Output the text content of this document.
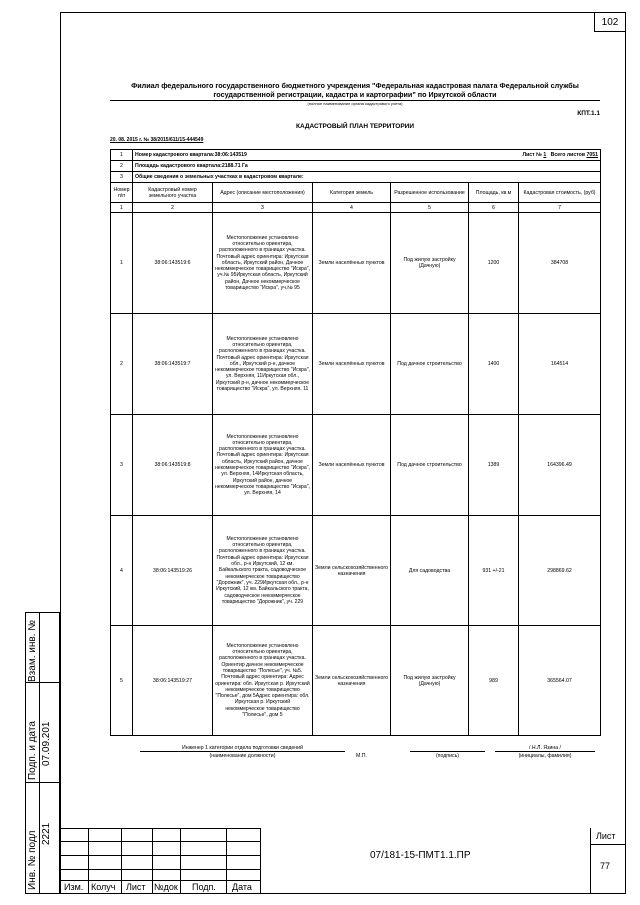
102
Взам. инв. №
Подп. и дата 07.09.201
Инв. № подл 2221
Филиал федерального государственного бюджетного учреждения "Федеральная кадастровая палата Федеральной службы
государственной регистрации, кадастра и картографии" по Иркутской области
(полное наименование органа кадастрового учета)
КПТ.1.1
КАДАСТРОВЫЙ ПЛАН ТЕРРИТОРИИ
20. 08. 2015 г. № 38/2015/611/15-444549
1	Номер кадастрового квартала:38:06:143519 Лист № 1 Всего листов 7051					

2	Площадь кадастрового квартала:2188.71 Га					
3	Общие сведения о земельных участках в кадастровом квартале:					
Номер п/п	Кадастровый номер земельного участка	Адрес (описание местоположения)	Категория земель	Разрешенное использование	Площадь, кв.м	Кадастровая стоимость, (руб)
1	2	3	4	5	6	7
1	38:06:143519:6	Местоположение установлено относительно ориентира, расположенного в границах участка. Почтовый адрес ориентира: Иркутская область, Иркутский район, Дачное некоммерческое товарищество "Искра", уч.№ 95Иркутская область, Иркутский район, Дачное некоммерческое товарищество "Искра", уч.№ 95	Земли населённых пунктов	Под жилую застройку (Дачную)	1200	384708
2	38:06:143519:7	Местоположение установлено относительно ориентира, расположенного в границах участка. Почтовый адрес ориентира: Иркутская обл., Иркутский р-н, дачное некоммерческое товарищество "Искра", ул. Верхняя, 11Иркутская обл., Иркутский р-н, дачное некоммерческое товарищество "Искра", ул. Верхняя, 11	Земли населённых пунктов	Под дачное строительство	1400	164514
3	38:06:143519:8	Местоположение установлено относительно ориентира, расположенного в границах участка. Почтовый адрес ориентира: Иркутская область, Иркутский район, дачное некоммерческое товарищество "Искра", ул. Верхняя, 14Иркутская область, Иркутский район, дачное некоммерческое товарищество "Искра", ул. Верхняя, 14	Земли населённых пунктов	Под дачное строительство	1389	164396.49
4	38:06:143519:26	Местоположение установлено относительно ориентира, расположенного в границах участка. Почтовый адрес ориентира: Иркутская обл., р-н Иркутский, 12 км. Байкальского тракта, садоводческое некоммерческое товарищество "Дорожник", уч. 229Иркутская обл., р-н Иркутский, 12 км. Байкальского тракта, садоводческое некоммерческое товарищество "Дорожник", уч. 229	Земли сельскохозяйственного назначения	Для садоводства	931 +/-21	298869.62
5	38:06:143519:27	Местоположение установлено относительно ориентира, расположенного в границах участка. Ориентир дачное некоммерческое товарищество "Полесье", уч. №5. Почтовый адрес ориентира: Адрес ориентира: обл. Иркутская р. Иркутский некоммерческое товарищество "Полесье", дом 5Адрес ориентира: обл. Иркутская р. Иркутский некоммерческое товарищество "Полесье", дом 5	Земли сельскохозяйственного назначения	Под жилую застройку (Дачную)	989	365564.07
Инженер 1 категории отдела подготовки сведений
(наименование должности)	М.П.	(подпись)
/ Н.Л. Язина /
(инициалы, фамилия)
Изм. Колуч Лист №док Подп. Дата
07/181-15-ПМТ1.1.ПР
Лист
77
